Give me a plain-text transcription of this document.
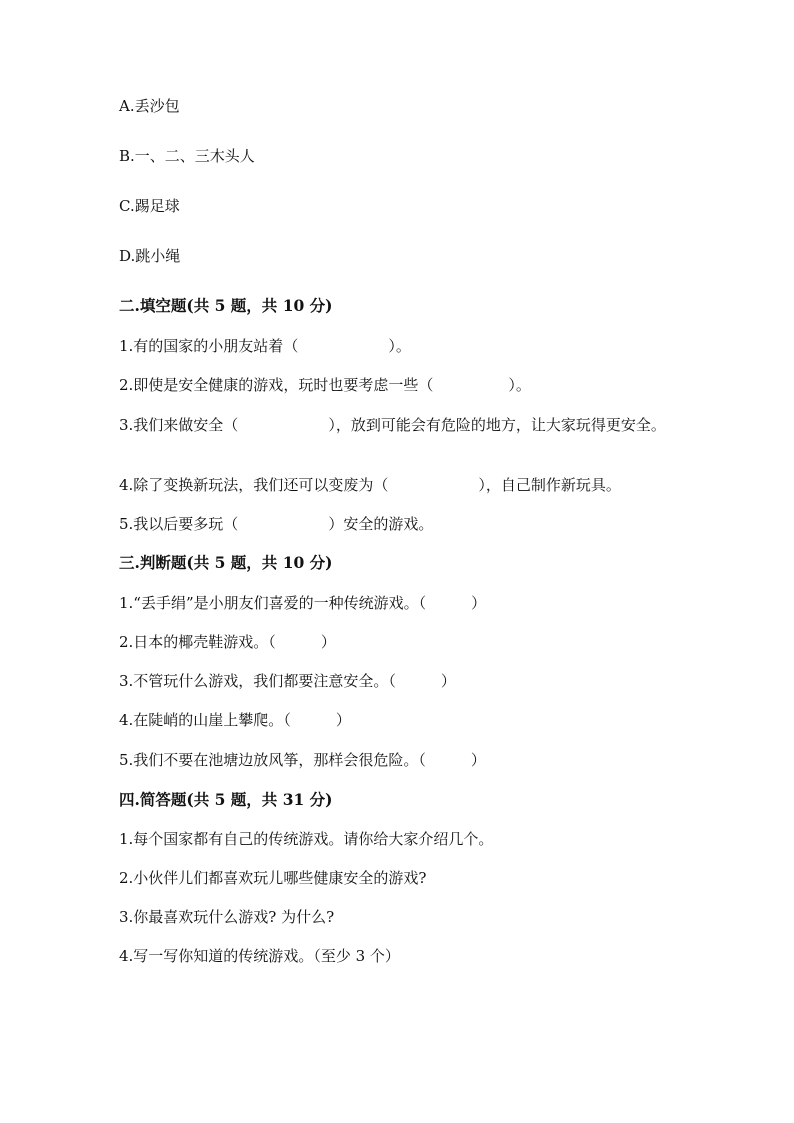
A.丢沙包
B.一、二、三木头人
C.踢足球
D.跳小绳
二.填空题(共 5 题，共 10 分)
1.有的国家的小朋友站着（　　　　　　）。
2.即使是安全健康的游戏，玩时也要考虑一些（　　　　　）。
3.我们来做安全（　　　　　　），放到可能会有危险的地方，让大家玩得更安全。
4.除了变换新玩法，我们还可以变废为（　　　　　　），自己制作新玩具。
5.我以后要多玩（　　　　　　）安全的游戏。
三.判断题(共 5 题，共 10 分)
1.“丢手绢”是小朋友们喜爱的一种传统游戏。（　　　）
2.日本的椰壳鞋游戏。（　　　）
3.不管玩什么游戏，我们都要注意安全。（　　　）
4.在陡峭的山崖上攀爬。（　　　）
5.我们不要在池塘边放风筝，那样会很危险。（　　　）
四.简答题(共 5 题，共 31 分)
1.每个国家都有自己的传统游戏。请你给大家介绍几个。
2.小伙伴儿们都喜欢玩儿哪些健康安全的游戏?
3.你最喜欢玩什么游戏? 为什么?
4.写一写你知道的传统游戏。（至少 3 个）
